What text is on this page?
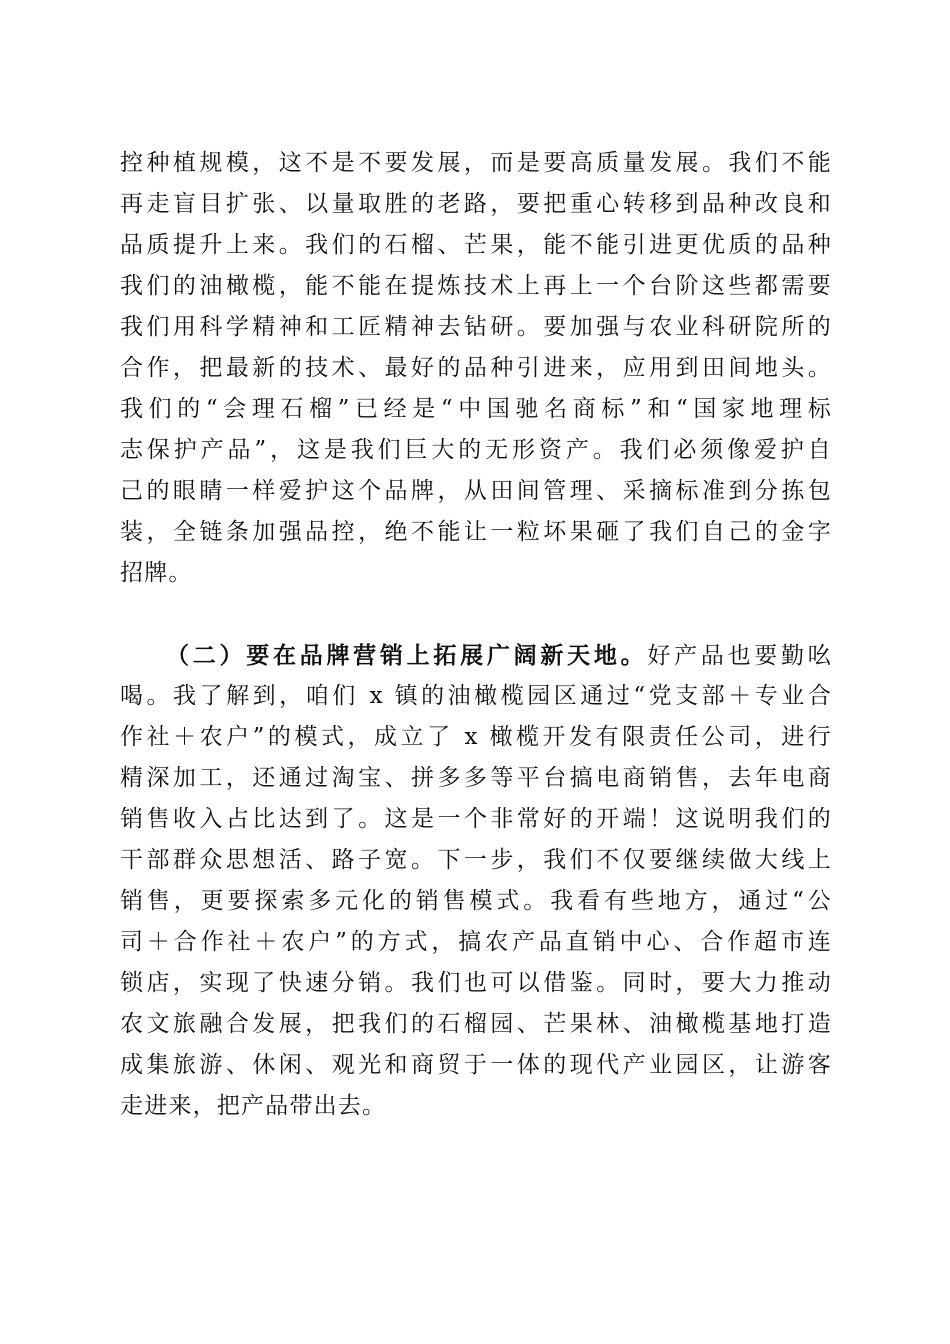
控种植规模，这不是不要发展，而是要高质量发展。我们不能
再走盲目扩张、以量取胜的老路，要把重心转移到品种改良和
品质提升上来。我们的石榴、芒果，能不能引进更优质的品种
我们的油橄榄，能不能在提炼技术上再上一个台阶这些都需要
我们用科学精神和工匠精神去钻研。要加强与农业科研院所的
合作，把最新的技术、最好的品种引进来，应用到田间地头。
我们的“会理石榴”已经是“中国驰名商标”和“国家地理标
志保护产品”，这是我们巨大的无形资产。我们必须像爱护自
己的眼睛一样爱护这个品牌，从田间管理、采摘标准到分拣包
装，全链条加强品控，绝不能让一粒坏果砸了我们自己的金字
招牌。
（二）要在品牌营销上拓展广阔新天地。好产品也要勤吆
喝。我了解到，咱们 x 镇的油橄榄园区通过“党支部＋专业合
作社＋农户”的模式，成立了 x 橄榄开发有限责任公司，进行
精深加工，还通过淘宝、拼多多等平台搞电商销售，去年电商
销售收入占比达到了。这是一个非常好的开端！这说明我们的
干部群众思想活、路子宽。下一步，我们不仅要继续做大线上
销售，更要探索多元化的销售模式。我看有些地方，通过“公
司＋合作社＋农户”的方式，搞农产品直销中心、合作超市连
锁店，实现了快速分销。我们也可以借鉴。同时，要大力推动
农文旅融合发展，把我们的石榴园、芒果林、油橄榄基地打造
成集旅游、休闲、观光和商贸于一体的现代产业园区，让游客
走进来，把产品带出去。
